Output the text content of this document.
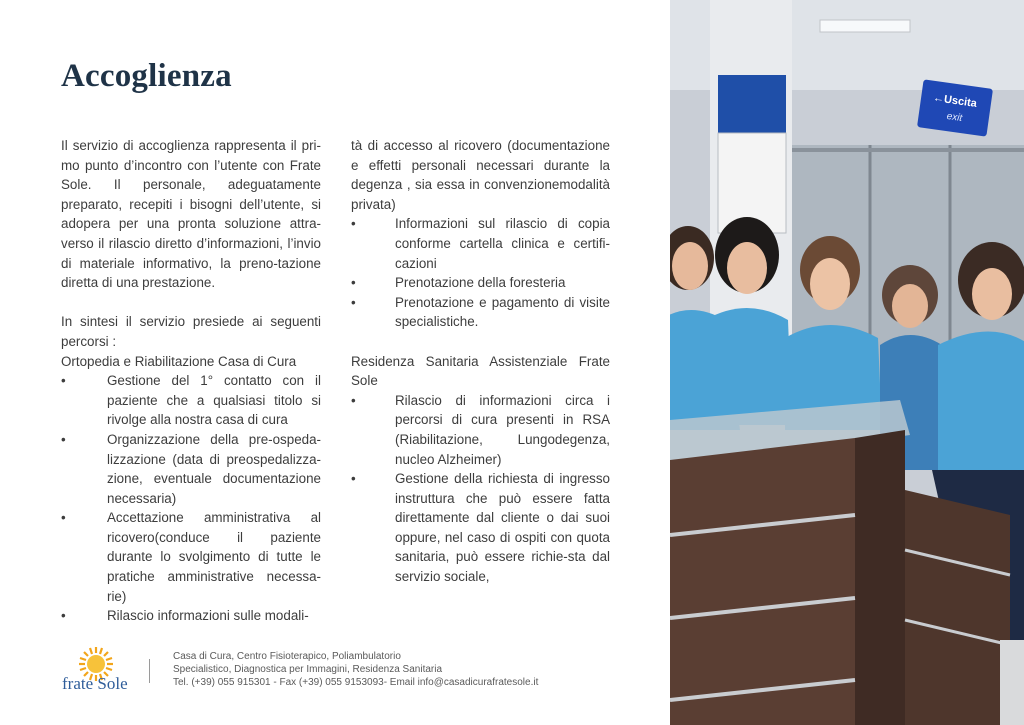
Accoglienza

Il servizio di accoglienza rappresenta il pri-mo punto d’incontro con l’utente con Frate Sole. Il personale, adeguatamente preparato, recepiti i bisogni dell’utente, si adopera per una pronta soluzione attra-verso il rilascio diretto d’informazioni, l’invio di materiale informativo, la preno-tazione diretta di una prestazione.

In sintesi il servizio presiede ai seguenti percorsi :

Ortopedia e Riabilitazione Casa di Cura

•	Gestione del 1° contatto con il paziente che a qualsiasi titolo si rivolge alla nostra casa di cura
•	Organizzazione della pre-ospeda-lizzazione (data di preospedalizza-zione, eventuale documentazione necessaria)
•	Accettazione amministrativa al ricovero(conduce il paziente durante lo svolgimento di tutte le pratiche amministrative necessa-rie)
•	Rilascio informazioni sulle modali-

tà di accesso al ricovero (documentazione e effetti personali necessari durante la degenza , sia essa in convenzionemodalità privata)

•	Informazioni sul rilascio di copia conforme cartella clinica e certifi-cazioni
•	Prenotazione della foresteria
•	Prenotazione e pagamento di visite specialistiche.

Residenza Sanitaria Assistenziale Frate Sole

•	Rilascio di informazioni circa i percorsi di cura presenti in RSA (Riabilitazione, Lungodegenza, nucleo Alzheimer)
•	Gestione della richiesta di ingresso instruttura che può essere fatta direttamente dal cliente o dai suoi oppure, nel caso di ospiti con quota sanitaria, può essere richie-sta dal servizio sociale,
←
Uscita
exit
frate Sole
Casa di Cura, Centro Fisioterapico, Poliambulatorio
Specialistico, Diagnostica per Immagini, Residenza Sanitaria
Tel. (+39) 055 915301 - Fax (+39) 055 9153093- Email info@casadicurafratesole.it
